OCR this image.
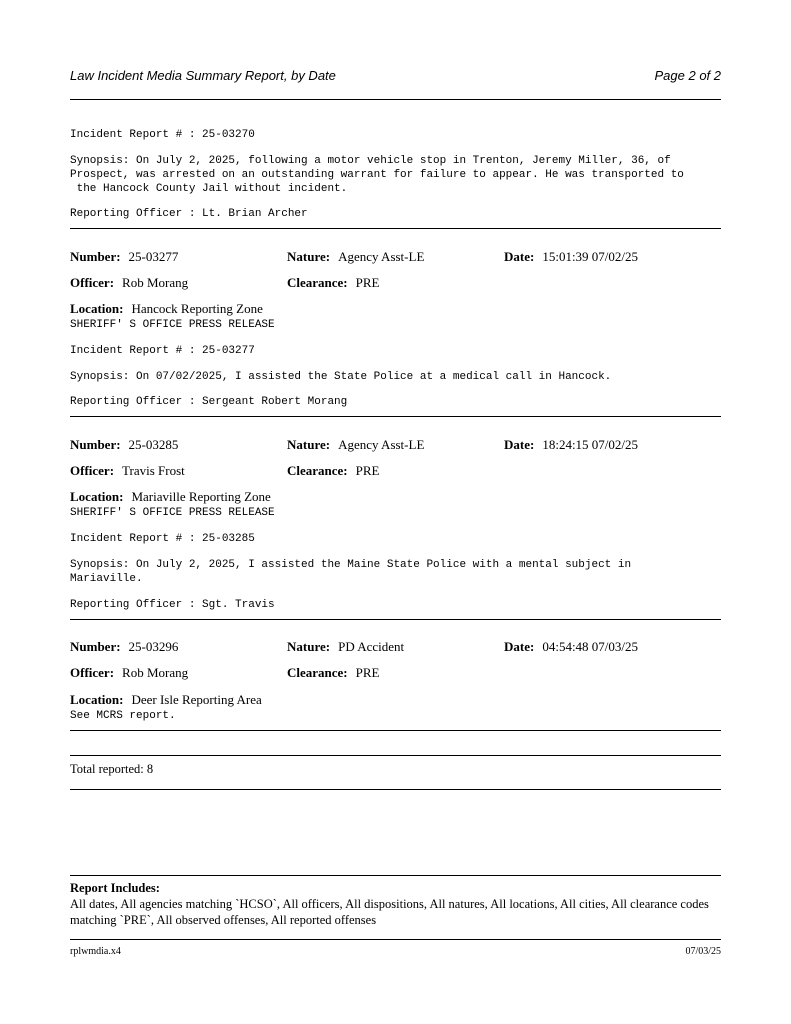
Law Incident Media Summary Report, by Date	Page 2 of 2
Incident Report # : 25-03270
Synopsis: On July 2, 2025, following a motor vehicle stop in Trenton, Jeremy Miller, 36, of
Prospect, was arrested on an outstanding warrant for failure to appear. He was transported to
the Hancock County Jail without incident.
Reporting Officer : Lt. Brian Archer
Number: 25-03277	Nature: Agency Asst-LE	Date: 15:01:39 07/02/25
Officer: Rob Morang	Clearance: PRE
Location: Hancock Reporting Zone
SHERIFF' S OFFICE PRESS RELEASE
Incident Report # : 25-03277
Synopsis: On 07/02/2025, I assisted the State Police at a medical call in Hancock.
Reporting Officer : Sergeant Robert Morang
Number: 25-03285	Nature: Agency Asst-LE	Date: 18:24:15 07/02/25
Officer: Travis Frost	Clearance: PRE
Location: Mariaville Reporting Zone
SHERIFF' S OFFICE PRESS RELEASE
Incident Report # : 25-03285
Synopsis: On July 2, 2025, I assisted the Maine State Police with a mental subject in
Mariaville.
Reporting Officer : Sgt. Travis
Number: 25-03296	Nature: PD Accident	Date: 04:54:48 07/03/25
Officer: Rob Morang	Clearance: PRE
Location: Deer Isle Reporting Area
See MCRS report.
Total reported: 8
Report Includes:
All dates, All agencies matching `HCSO`, All officers, All dispositions, All natures, All locations, All cities, All clearance codes matching `PRE`, All observed offenses, All reported offenses
rplwmdia.x4	07/03/25
